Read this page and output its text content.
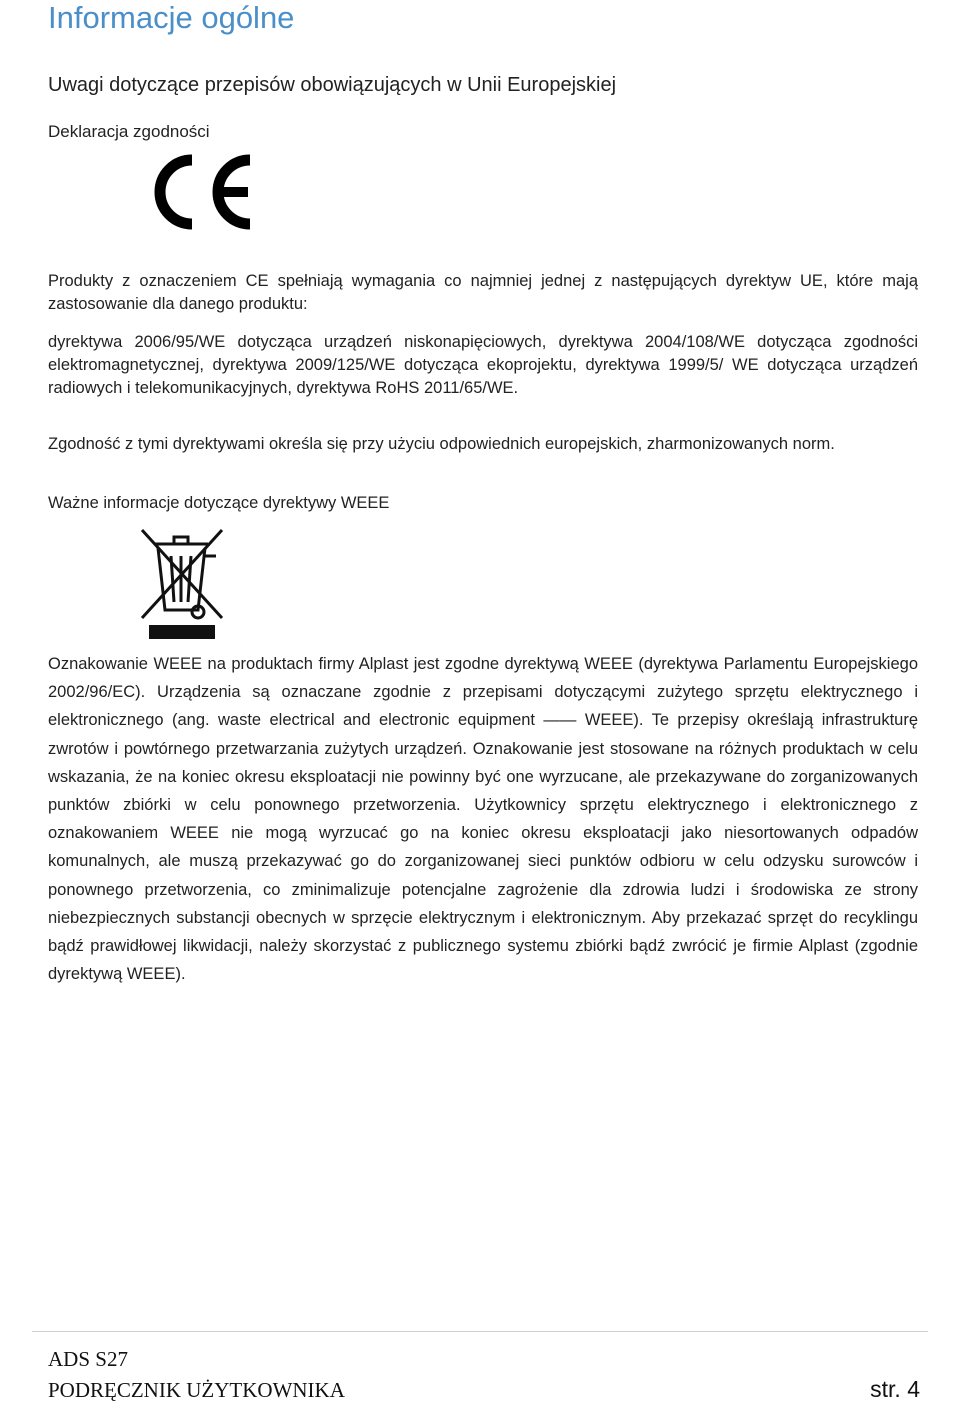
Informacje ogólne
Uwagi dotyczące przepisów obowiązujących w Unii Europejskiej
Deklaracja zgodności

Produkty z oznaczeniem CE spełniają wymagania co najmniej jednej z następujących dyrektyw UE, które mają zastosowanie dla danego produktu:

dyrektywa 2006/95/WE dotycząca urządzeń niskonapięciowych, dyrektywa 2004/108/WE dotycząca zgodności elektromagnetycznej, dyrektywa 2009/125/WE dotycząca ekoprojektu, dyrektywa 1999/5/ WE dotycząca urządzeń radiowych i telekomunikacyjnych, dyrektywa RoHS 2011/65/WE.

Zgodność z tymi dyrektywami określa się przy użyciu odpowiednich europejskich, zharmonizowanych norm.

Ważne informacje dotyczące dyrektywy WEEE

Oznakowanie WEEE na produktach firmy Alplast jest zgodne dyrektywą WEEE (dyrektywa Parlamentu Europejskiego 2002/96/EC). Urządzenia są oznaczane zgodnie z przepisami dotyczącymi zużytego sprzętu elektrycznego i elektronicznego (ang. waste electrical and electronic equipment —— WEEE). Te przepisy określają infrastrukturę zwrotów i powtórnego przetwarzania zużytych urządzeń. Oznakowanie jest stosowane na różnych produktach w celu wskazania, że na koniec okresu eksploatacji nie powinny być one wyrzucane, ale przekazywane do zorganizowanych punktów zbiórki w celu ponownego przetworzenia. Użytkownicy sprzętu elektrycznego i elektronicznego z oznakowaniem WEEE nie mogą wyrzucać go na koniec okresu eksploatacji jako niesortowanych odpadów komunalnych, ale muszą przekazywać go do zorganizowanej sieci punktów odbioru w celu odzysku surowców i ponownego przetworzenia, co zminimalizuje potencjalne zagrożenie dla zdrowia ludzi i środowiska ze strony niebezpiecznych substancji obecnych w sprzęcie elektrycznym i elektronicznym. Aby przekazać sprzęt do recyklingu bądź prawidłowej likwidacji, należy skorzystać z publicznego systemu zbiórki bądź zwrócić je firmie Alplast (zgodnie dyrektywą WEEE).

ADS S27
PODRĘCZNIK UŻYTKOWNIKA	str. 4
